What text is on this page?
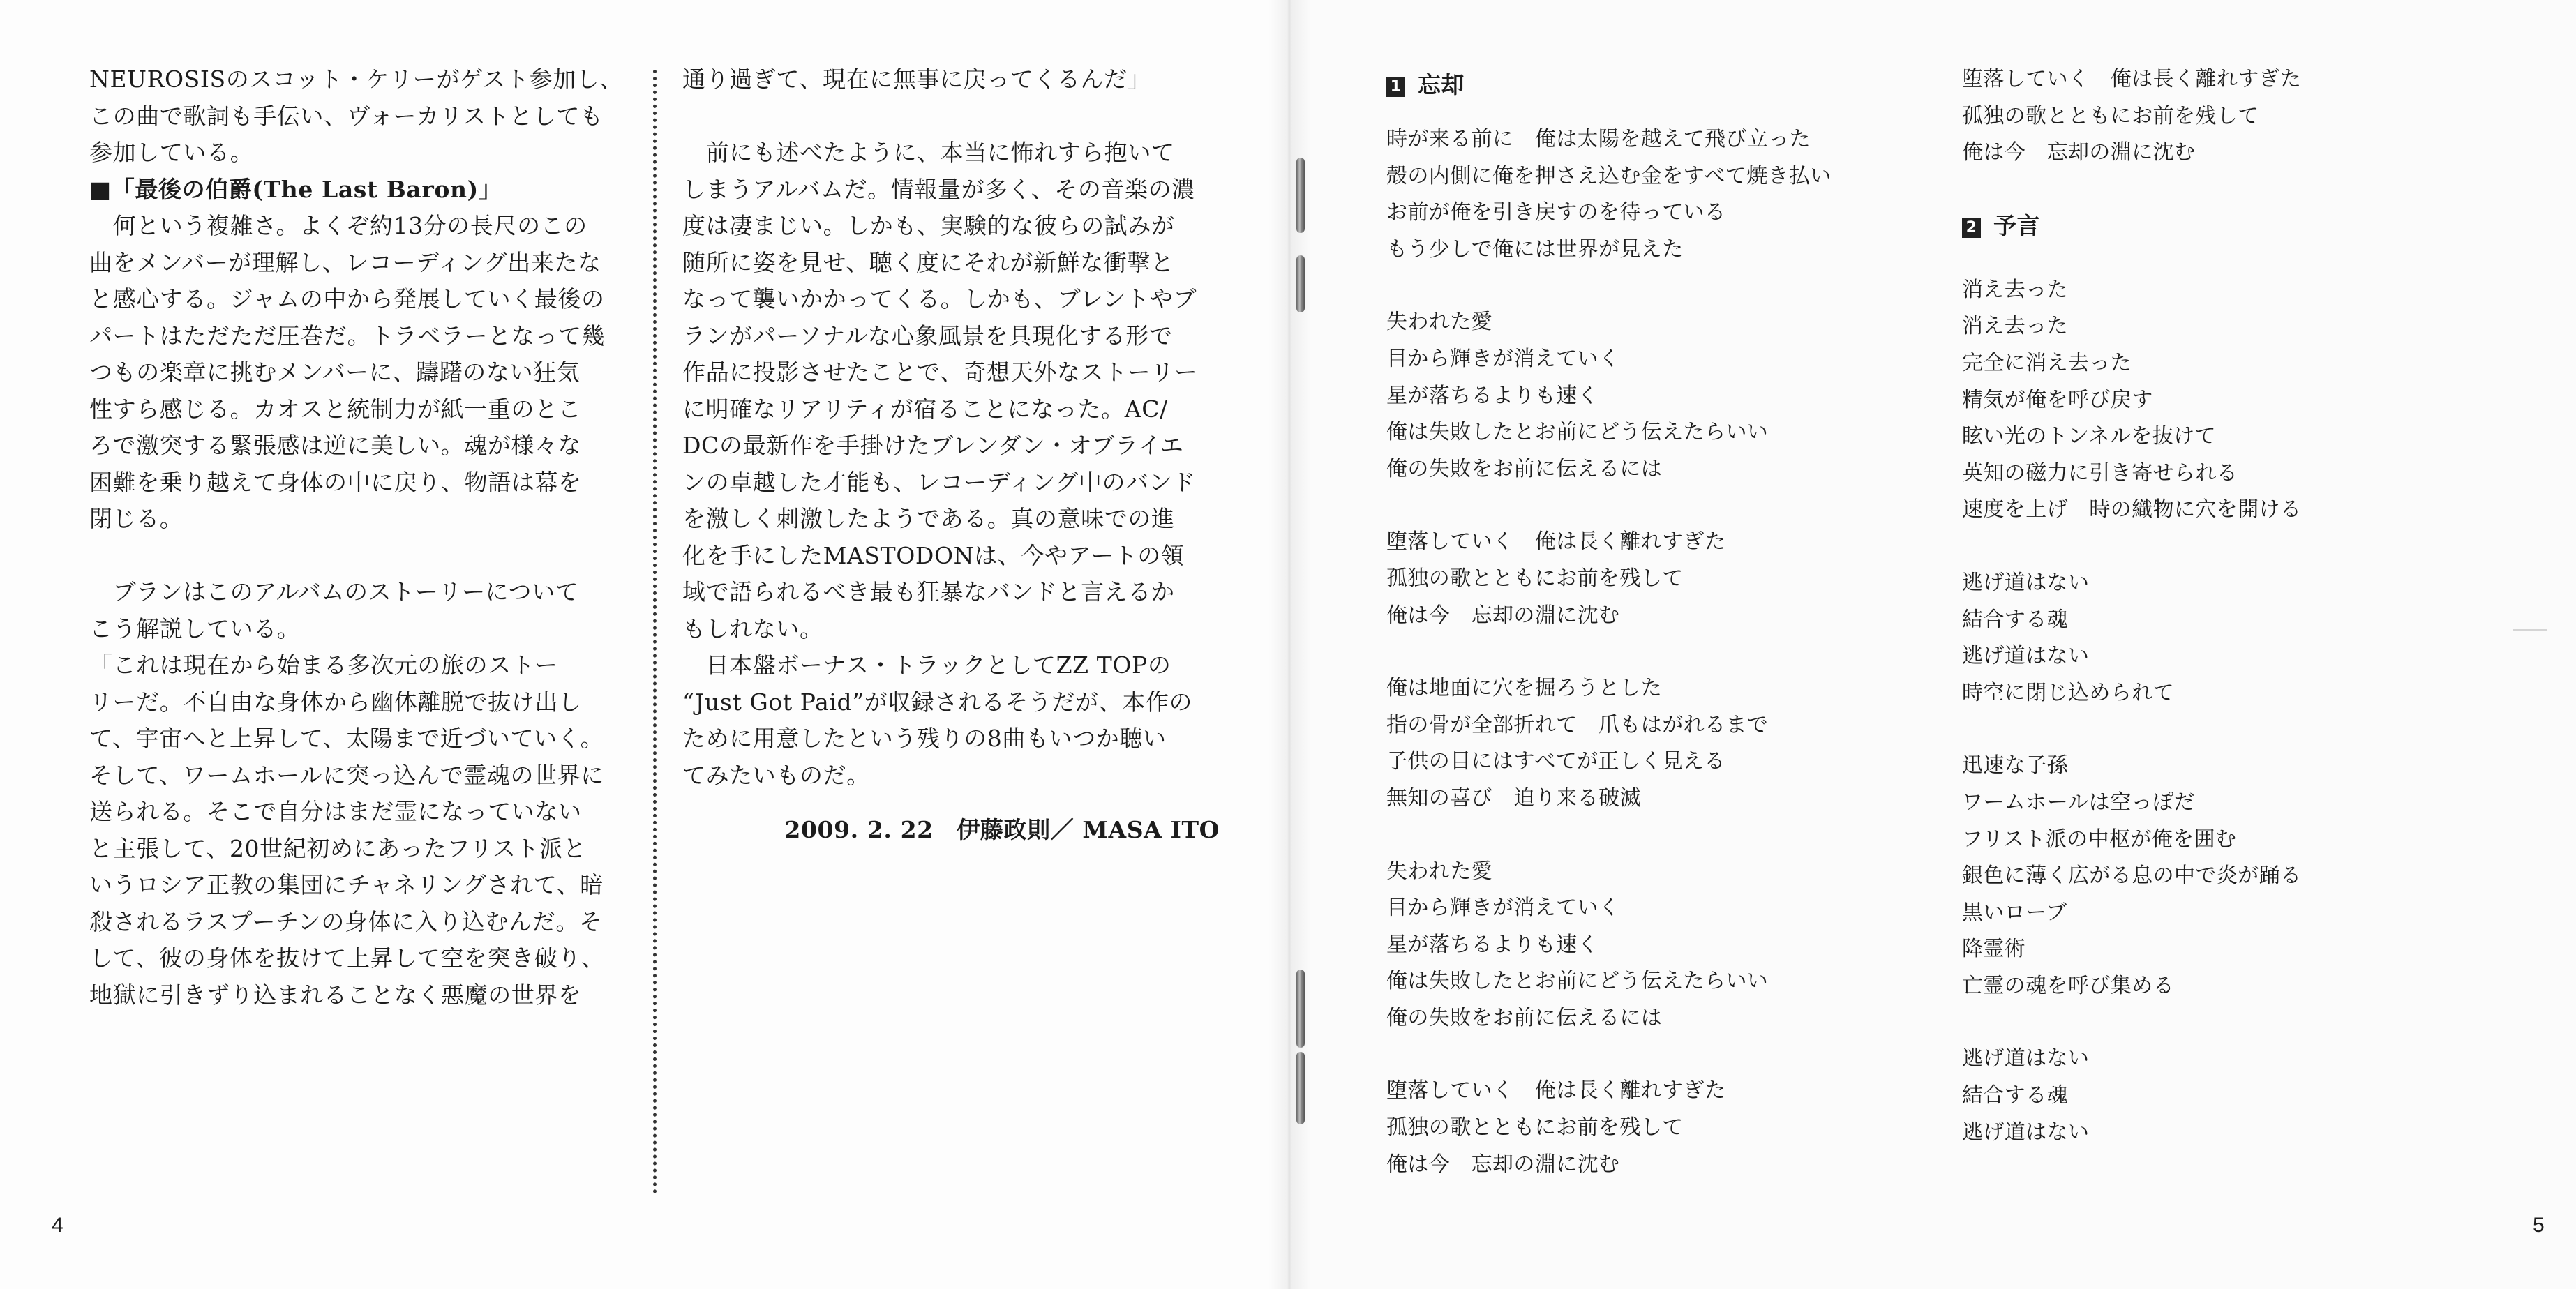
NEUROSISのスコット・ケリーがゲスト参加し、

この曲で歌詞も手伝い、ヴォーカリストとしても

参加している。

■「最後の伯爵(The Last Baron)」

　何という複雑さ。よくぞ約13分の長尺のこの

曲をメンバーが理解し、レコーディング出来たな

と感心する。ジャムの中から発展していく最後の

パートはただただ圧巻だ。トラベラーとなって幾

つもの楽章に挑むメンバーに、躊躇のない狂気

性すら感じる。カオスと統制力が紙一重のとこ

ろで激突する緊張感は逆に美しい。魂が様々な

困難を乗り越えて身体の中に戻り、物語は幕を

閉じる。

　ブランはこのアルバムのストーリーについて

こう解説している。

「これは現在から始まる多次元の旅のストー

リーだ。不自由な身体から幽体離脱で抜け出し

て、宇宙へと上昇して、太陽まで近づいていく。

そして、ワームホールに突っ込んで霊魂の世界に

送られる。そこで自分はまだ霊になっていない

と主張して、20世紀初めにあったフリスト派と

いうロシア正教の集団にチャネリングされて、暗

殺されるラスプーチンの身体に入り込むんだ。そ

して、彼の身体を抜けて上昇して空を突き破り、

地獄に引きずり込まれることなく悪魔の世界を

通り過ぎて、現在に無事に戻ってくるんだ」

　前にも述べたように、本当に怖れすら抱いて

しまうアルバムだ。情報量が多く、その音楽の濃

度は凄まじい。しかも、実験的な彼らの試みが

随所に姿を見せ、聴く度にそれが新鮮な衝撃と

なって襲いかかってくる。しかも、ブレントやブ

ランがパーソナルな心象風景を具現化する形で

作品に投影させたことで、奇想天外なストーリー

に明確なリアリティが宿ることになった。AC/

DCの最新作を手掛けたブレンダン・オブライエ

ンの卓越した才能も、レコーディング中のバンド

を激しく刺激したようである。真の意味での進

化を手にしたMASTODONは、今やアートの領

域で語られるべき最も狂暴なバンドと言えるか

もしれない。

　日本盤ボーナス・トラックとしてZZ TOPの

“Just Got Paid”が収録されるそうだが、本作の

ために用意したという残りの8曲もいつか聴い

てみたいものだ。

2009. 2. 22　伊藤政則／ MASA ITO

4

1 忘却

時が来る前に　俺は太陽を越えて飛び立った

殻の内側に俺を押さえ込む金をすべて焼き払い

お前が俺を引き戻すのを待っている

もう少しで俺には世界が見えた

失われた愛

目から輝きが消えていく

星が落ちるよりも速く

俺は失敗したとお前にどう伝えたらいい

俺の失敗をお前に伝えるには

堕落していく　俺は長く離れすぎた

孤独の歌とともにお前を残して

俺は今　忘却の淵に沈む

俺は地面に穴を掘ろうとした

指の骨が全部折れて　爪もはがれるまで

子供の目にはすべてが正しく見える

無知の喜び　迫り来る破滅

失われた愛

目から輝きが消えていく

星が落ちるよりも速く

俺は失敗したとお前にどう伝えたらいい

俺の失敗をお前に伝えるには

堕落していく　俺は長く離れすぎた

孤独の歌とともにお前を残して

俺は今　忘却の淵に沈む

堕落していく　俺は長く離れすぎた

孤独の歌とともにお前を残して

俺は今　忘却の淵に沈む

2 予言

消え去った

消え去った

完全に消え去った

精気が俺を呼び戻す

眩い光のトンネルを抜けて

英知の磁力に引き寄せられる

速度を上げ　時の織物に穴を開ける

逃げ道はない

結合する魂

逃げ道はない

時空に閉じ込められて

迅速な子孫

ワームホールは空っぽだ

フリスト派の中枢が俺を囲む

銀色に薄く広がる息の中で炎が踊る

黒いローブ

降霊術

亡霊の魂を呼び集める

逃げ道はない

結合する魂

逃げ道はない

5
